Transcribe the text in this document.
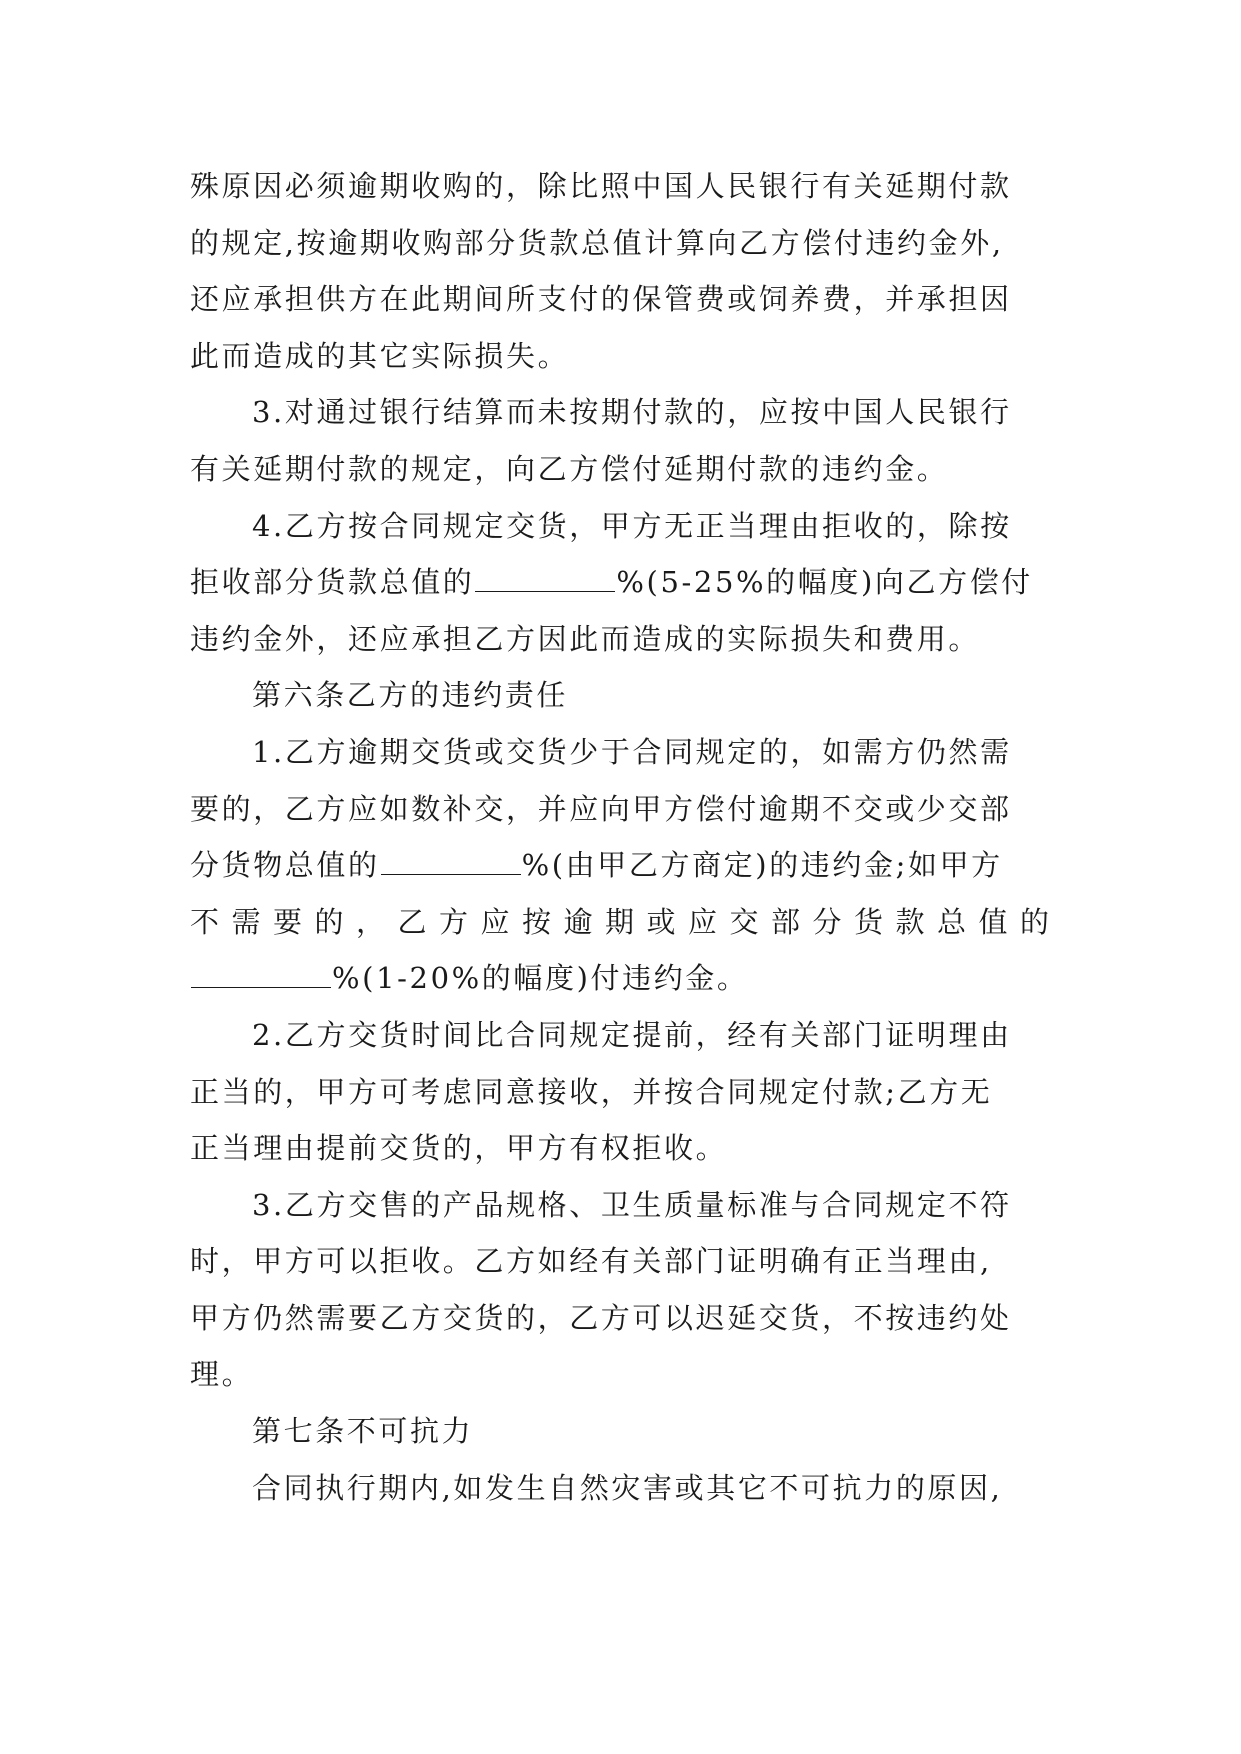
殊原因必须逾期收购的，除比照中国人民银行有关延期付款
的规定,按逾期收购部分货款总值计算向乙方偿付违约金外,
还应承担供方在此期间所支付的保管费或饲养费，并承担因
此而造成的其它实际损失。
3.对通过银行结算而未按期付款的，应按中国人民银行
有关延期付款的规定，向乙方偿付延期付款的违约金。
4.乙方按合同规定交货，甲方无正当理由拒收的，除按
拒收部分货款总值的	%(5-25%的幅度)向乙方偿付
违约金外，还应承担乙方因此而造成的实际损失和费用。
第六条乙方的违约责任
1.乙方逾期交货或交货少于合同规定的，如需方仍然需
要的，乙方应如数补交，并应向甲方偿付逾期不交或少交部
分货物总值的	%(由甲乙方商定)的违约金;如甲方
不需要的，乙方应按逾期或应交部分货款总值的
%(1-20%的幅度)付违约金。
2.乙方交货时间比合同规定提前，经有关部门证明理由
正当的，甲方可考虑同意接收，并按合同规定付款;乙方无
正当理由提前交货的，甲方有权拒收。
3.乙方交售的产品规格、卫生质量标准与合同规定不符
时，甲方可以拒收。乙方如经有关部门证明确有正当理由,
甲方仍然需要乙方交货的，乙方可以迟延交货，不按违约处
理。
第七条不可抗力
合同执行期内,如发生自然灾害或其它不可抗力的原因,
